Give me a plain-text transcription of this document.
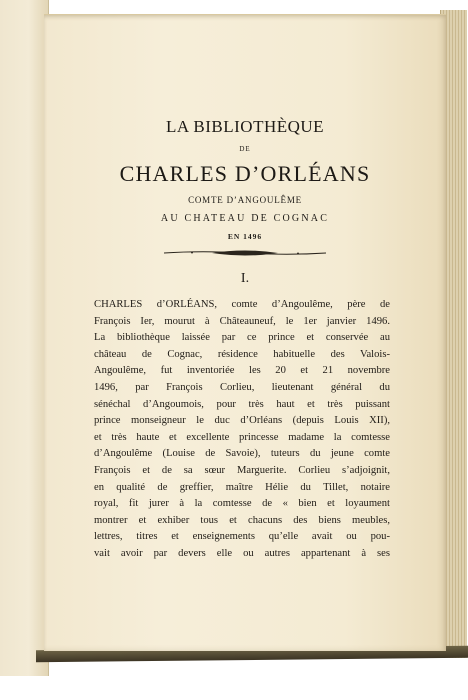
LA BIBLIOTHÈQUE
DE
CHARLES D’ORLÉANS
COMTE D’ANGOULÊME
AU CHATEAU DE COGNAC
EN 1496
I.
CHARLES d’ORLÉANS, comte d’Angoulême, père de
François Ier, mourut à Châteauneuf, le 1er janvier 1496.
La bibliothèque laissée par ce prince et conservée au
château de Cognac, résidence habituelle des Valois-
Angoulême, fut inventoriée les 20 et 21 novembre
1496, par François Corlieu, lieutenant général du
sénéchal d’Angoumois, pour très haut et très puissant
prince monseigneur le duc d’Orléans (depuis Louis XII),
et très haute et excellente princesse madame la comtesse
d’Angoulême (Louise de Savoie), tuteurs du jeune comte
François et de sa sœur Marguerite. Corlieu s’adjoignit,
en qualité de greffier, maître Hélie du Tillet, notaire
royal, fit jurer à la comtesse de « bien et loyaument
montrer et exhiber tous et chacuns des biens meubles,
lettres, titres et enseignements qu’elle avait ou pou-
vait avoir par devers elle ou autres appartenant à ses
